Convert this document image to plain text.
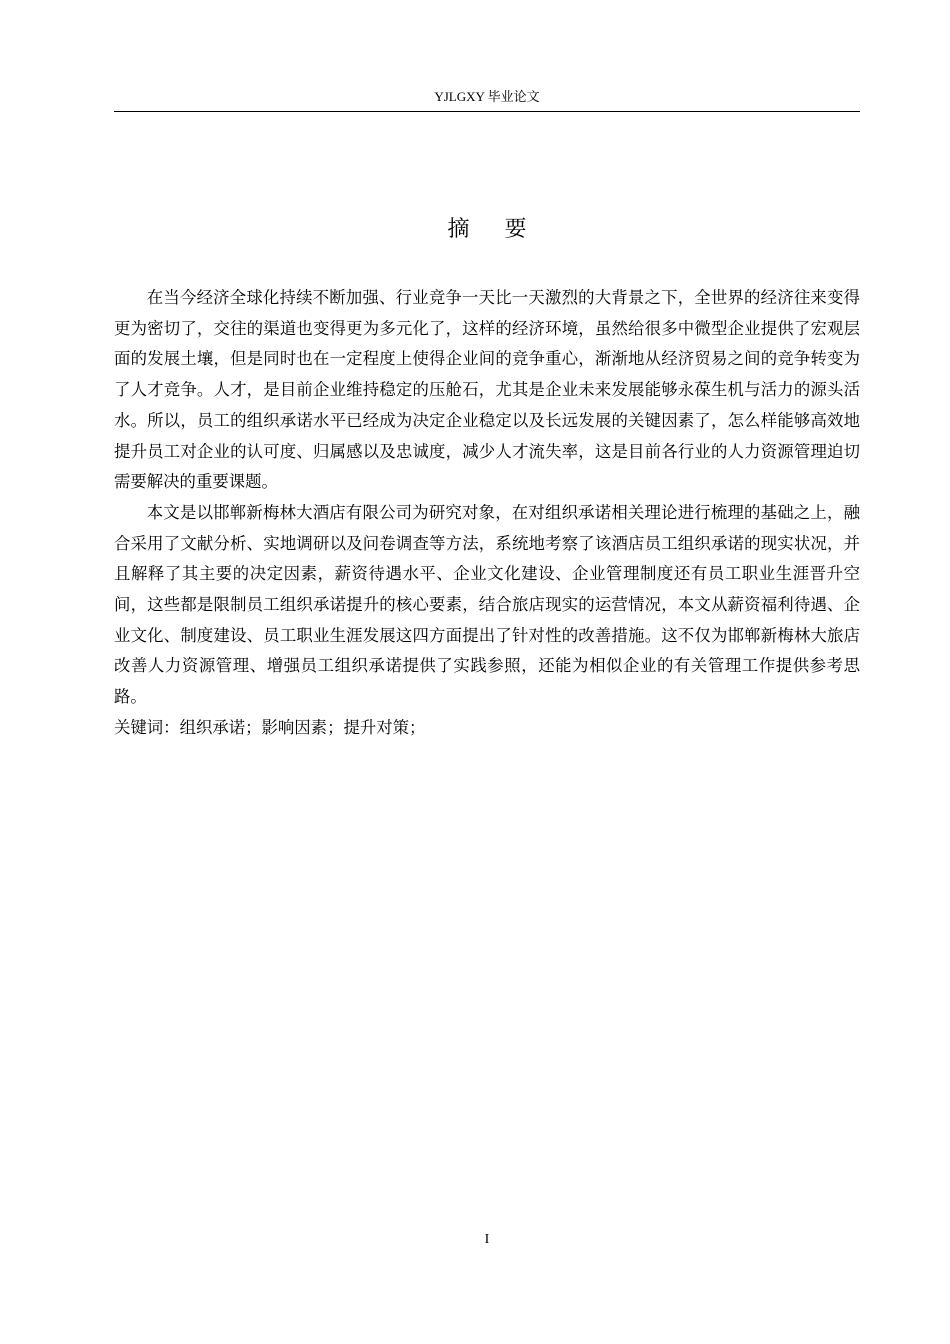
YJLGXY 毕业论文
摘 要

在当今经济全球化持续不断加强、行业竞争一天比一天激烈的大背景之下，全世界的经济往来变得更为密切了，交往的渠道也变得更为多元化了，这样的经济环境，虽然给很多中微型企业提供了宏观层面的发展土壤，但是同时也在一定程度上使得企业间的竞争重心，渐渐地从经济贸易之间的竞争转变为了人才竞争。人才，是目前企业维持稳定的压舱石，尤其是企业未来发展能够永葆生机与活力的源头活水。所以，员工的组织承诺水平已经成为决定企业稳定以及长远发展的关键因素了，怎么样能够高效地提升员工对企业的认可度、归属感以及忠诚度，减少人才流失率，这是目前各行业的人力资源管理迫切需要解决的重要课题。

本文是以邯郸新梅林大酒店有限公司为研究对象，在对组织承诺相关理论进行梳理的基础之上，融合采用了文献分析、实地调研以及问卷调查等方法，系统地考察了该酒店员工组织承诺的现实状况，并且解释了其主要的决定因素，薪资待遇水平、企业文化建设、企业管理制度还有员工职业生涯晋升空间，这些都是限制员工组织承诺提升的核心要素，结合旅店现实的运营情况，本文从薪资福利待遇、企业文化、制度建设、员工职业生涯发展这四方面提出了针对性的改善措施。这不仅为邯郸新梅林大旅店改善人力资源管理、增强员工组织承诺提供了实践参照，还能为相似企业的有关管理工作提供参考思路。

关键词：组织承诺；影响因素；提升对策；

I
